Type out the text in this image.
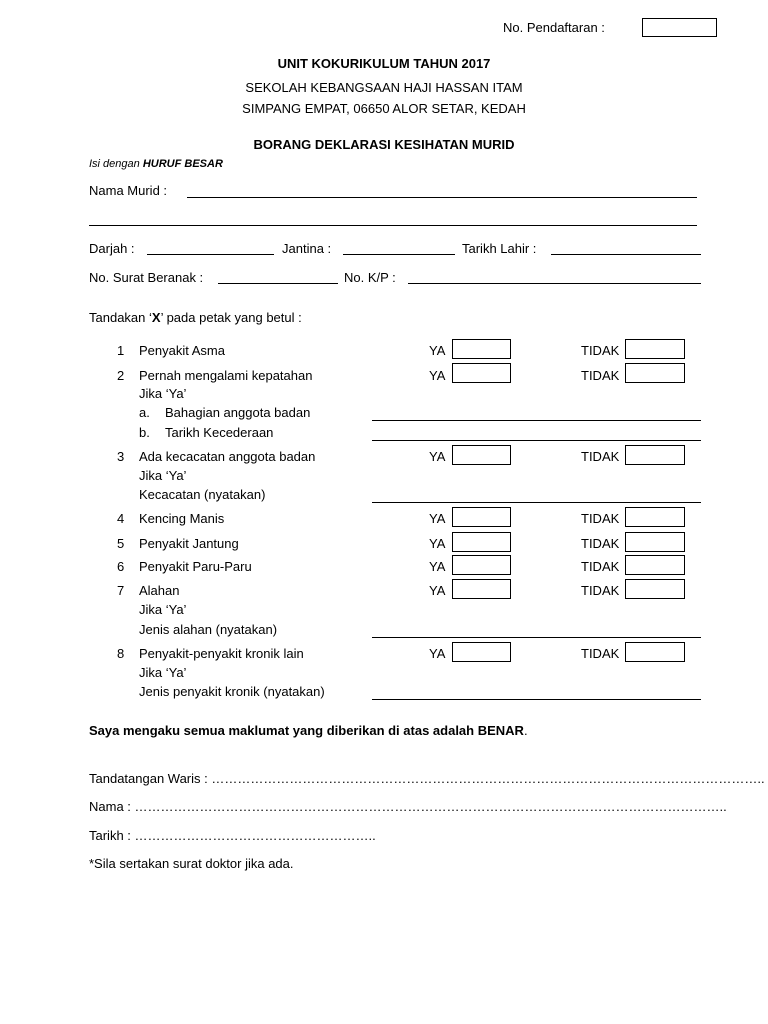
No. Pendaftaran :
UNIT KOKURIKULUM TAHUN 2017
SEKOLAH KEBANGSAAN HAJI HASSAN ITAM
SIMPANG EMPAT, 06650 ALOR SETAR, KEDAH
BORANG DEKLARASI KESIHATAN MURID
Isi dengan HURUF BESAR
Nama Murid :
Darjah :	Jantina :	Tarikh Lahir :
No. Surat Beranak :	No. K/P :
Tandakan ‘X’ pada petak yang betul :
1 Penyakit Asma	YA	TIDAK
2 Pernah mengalami kepatahan	YA	TIDAK
Jika ‘Ya’
a. Bahagian anggota badan
b. Tarikh Kecederaan
3 Ada kecacatan anggota badan	YA	TIDAK
Jika ‘Ya’
Kecacatan (nyatakan)
4 Kencing Manis	YA	TIDAK
5 Penyakit Jantung	YA	TIDAK
6 Penyakit Paru-Paru	YA	TIDAK
7 Alahan	YA	TIDAK
Jika ‘Ya’
Jenis alahan (nyatakan)
8 Penyakit-penyakit kronik lain	YA	TIDAK
Jika ‘Ya’
Jenis penyakit kronik (nyatakan)
Saya mengaku semua maklumat yang diberikan di atas adalah BENAR.
Tandatangan Waris : ………………………………………………………………………………………………………………..
Nama : ………………………………………………………………………………………………………………………..
Tarikh : ………………………………………………..
*Sila sertakan surat doktor jika ada.
